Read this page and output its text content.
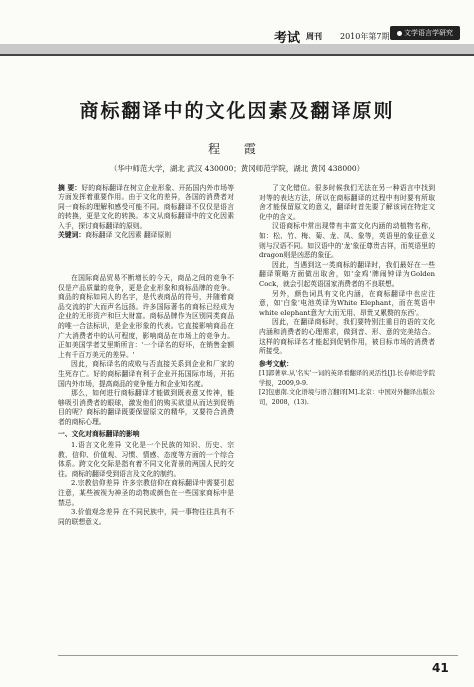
考试 周刊 2010年第7期	文学语言学研究
商标翻译中的文化因素及翻译原则
程 霞
（华中师范大学，湖北 武汉 430000；黄冈师范学院，湖北 黄冈 438000）
摘 要：好的商标翻译在树立企业形象、开拓国内外市场等方面发挥着重要作用。由于文化的差异，各国的消费者对同一商标的理解和感受可能不同。商标翻译不仅仅是语言的转换，更是文化的转换。本文从商标翻译中的文化因素入手，探讨商标翻译的原则。
关键词：商标翻译 文化因素 翻译原则

在国际商品贸易不断增长的今天，商品之间的竞争不仅是产品质量的竞争，更是企业形象和商标品牌的竞争。商品的商标如同人的名字，是代表商品的符号，并随着商品交流的扩大而声名远扬。许多国际著名的商标已经成为企业的无形资产和巨大财富。商标品牌作为区别同类商品的唯一合法标识，是企业形象的代表。它直接影响商品在广大消费者中的认可程度，影响商品在市场上的竞争力。正如美国学者艾里斯所言：'一个译名的好坏，在销售金额上有千百万美元的差异。'

因此，商标译名的成败与否直接关系到企业和厂家的生死存亡。好的商标翻译有利于企业开拓国际市场，开拓国内外市场，提高商品的竞争能力和企业知名度。

那么，如何进行商标翻译才能做到既表意又传神，能够吸引消费者的眼球，激发他们的购买欲望从而达到促销目的呢？商标的翻译既要保留原文的精华，又要符合消费者的商标心理。

一、文化对商标翻译的影响

1.语言文化差异 文化是一个民族的知识、历史、宗教、信仰、价值观、习惯、情感、态度等方面的一个综合体系。跨文化交际是指有着不同文化背景的两国人民的交往。商标的翻译受到语言及文化的制约。

2.宗教信仰差异 许多宗教信仰在商标翻译中需要引起注意，某些被视为神圣的动物或颜色在一些国家商标中是禁忌。

3.价值观念差异 在不同民族中，同一事物往往具有不同的联想意义。

了文化错位。很多时候我们无法在另一种语言中找到对等的表达方法，所以在商标翻译的过程中有时要有所取舍才能保留原文的意义，翻译时首先要了解该词在特定文化中的含义。

汉语商标中常出现带有丰富文化内涵的动植物名称，如：松、竹、梅、菊、龙、凤、象等，英语里的象征意义则与汉语不同。如汉语中的'龙'象征尊贵吉祥，而英语里的dragon则是凶恶的象征。

因此，当遇到这一类商标的翻译时，我们最好在一些翻译策略方面做出取舍，如'金鸡'牌闹钟译为Golden Cock，就会引起英语国家消费者的不良联想。

另外，颜色词具有文化内涵，在商标翻译中也应注意，如'白象'电池英译为White Elephant，而在英语中white elephant意为'大而无用、昂贵又累赘的东西'。

因此，在翻译商标时，我们要特别注重目的语的文化内涵和消费者的心理需求，做到音、形、意的完美结合。这样的商标译名才能起到促销作用，被目标市场的消费者所接受。

参考文献：

[1]郭著章.从'名实'一词的英译看翻译的灵活性[J].长春师范学院学报，2009,9-9.

[2]包惠南.文化语境与语言翻译[M].北京：中国对外翻译出版公司，2008，(13).

41
